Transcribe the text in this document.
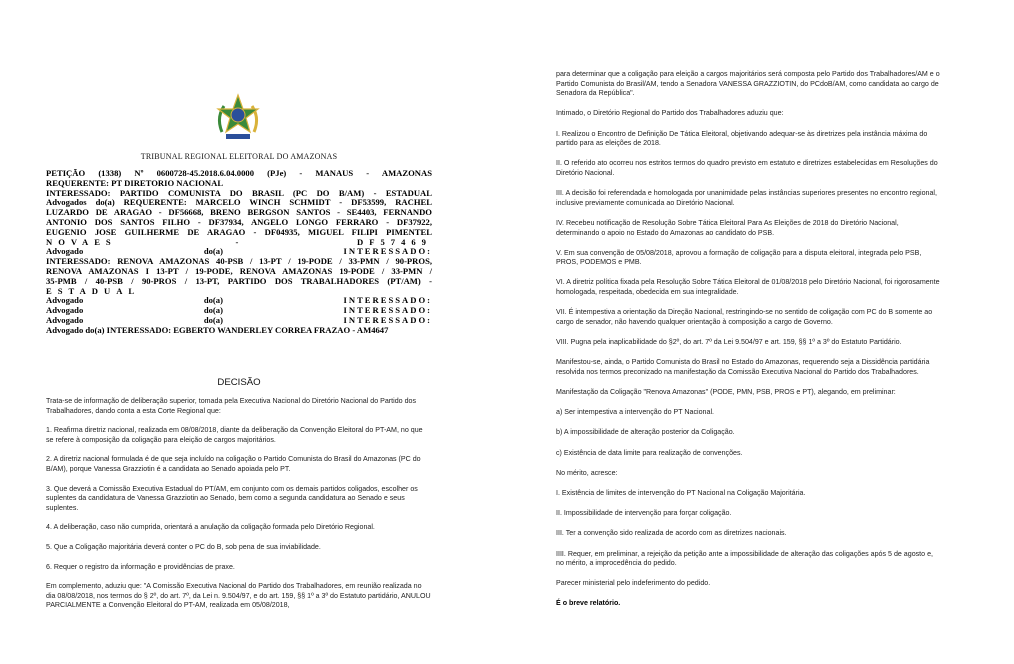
TRIBUNAL REGIONAL ELEITORAL DO AMAZONAS
PETIÇÃO (1338) Nº 0600728-45.2018.6.04.0000 (PJe) - MANAUS - AMAZONAS
REQUERENTE: PT DIRETORIO NACIONAL
INTERESSADO: PARTIDO COMUNISTA DO BRASIL (PC DO B/AM) - ESTADUAL
Advogados do(a) REQUERENTE: MARCELO WINCH SCHMIDT - DF53599, RACHEL
LUZARDO DE ARAGAO - DF56668, BRENO BERGSON SANTOS - SE4403, FERNANDO
ANTONIO DOS SANTOS FILHO - DF37934, ANGELO LONGO FERRARO - DF37922,
EUGENIO JOSE GUILHERME DE ARAGAO - DF04935, MIGUEL FILIPI PIMENTEL
NOVAES	-	DF57469
Advogado	do(a)	INTERESSADO:
INTERESSADO: RENOVA AMAZONAS 40-PSB / 13-PT / 19-PODE / 33-PMN / 90-PROS,
RENOVA AMAZONAS I 13-PT / 19-PODE, RENOVA AMAZONAS 19-PODE / 33-PMN /
35-PMB / 40-PSB / 90-PROS / 13-PT, PARTIDO DOS TRABALHADORES (PT/AM) -
ESTADUAL
Advogado	do(a)	INTERESSADO:
Advogado	do(a)	INTERESSADO:
Advogado	do(a)	INTERESSADO:
Advogado do(a) INTERESSADO: EGBERTO WANDERLEY CORREA FRAZAO - AM4647
DECISÃO

Trata-se de informação de deliberação superior, tomada pela Executiva Nacional do Diretório Nacional do Partido dos Trabalhadores, dando conta a esta Corte Regional que:

1. Reafirma diretriz nacional, realizada em 08/08/2018, diante da deliberação da Convenção Eleitoral do PT-AM, no que se refere à composição da coligação para eleição de cargos majoritários.

2. A diretriz nacional formulada é de que seja incluído na coligação o Partido Comunista do Brasil do Amazonas (PC do B/AM), porque Vanessa Grazziotin é a candidata ao Senado apoiada pelo PT.

3. Que deverá a Comissão Executiva Estadual do PT/AM, em conjunto com os demais partidos coligados, escolher os suplentes da candidatura de Vanessa Grazziotin ao Senado, bem como a segunda candidatura ao Senado e seus suplentes.

4. A deliberação, caso não cumprida, orientará a anulação da coligação formada pelo Diretório Regional.

5. Que a Coligação majoritária deverá conter o PC do B, sob pena de sua inviabilidade.

6. Requer o registro da informação e providências de praxe.

Em complemento, aduziu que: "A Comissão Executiva Nacional do Partido dos Trabalhadores, em reunião realizada no dia 08/08/2018, nos termos do § 2º, do art. 7º, da Lei n. 9.504/97, e do art. 159, §§ 1º a 3º do Estatuto partidário, ANULOU PARCIALMENTE a Convenção Eleitoral do PT-AM, realizada em 05/08/2018,

para determinar que a coligação para eleição a cargos majoritários será composta pelo Partido dos Trabalhadores/AM e o Partido Comunista do Brasil/AM, tendo a Senadora VANESSA GRAZZIOTIN, do PCdoB/AM, como candidata ao cargo de Senadora da República".

Intimado, o Diretório Regional do Partido dos Trabalhadores aduziu que:

I. Realizou o Encontro de Definição De Tática Eleitoral, objetivando adequar-se às diretrizes pela instância máxima do partido para as eleições de 2018.

II. O referido ato ocorreu nos estritos termos do quadro previsto em estatuto e diretrizes estabelecidas em Resoluções do Diretório Nacional.

III. A decisão foi referendada e homologada por unanimidade pelas instâncias superiores presentes no encontro regional, inclusive previamente comunicada ao Diretório Nacional.

IV. Recebeu notificação de Resolução Sobre Tática Eleitoral Para As Eleições de 2018 do Diretório Nacional, determinando o apoio no Estado do Amazonas ao candidato do PSB.

V. Em sua convenção de 05/08/2018, aprovou a formação de coligação para a disputa eleitoral, integrada pelo PSB, PROS, PODEMOS e PMB.

VI. A diretriz política fixada pela Resolução Sobre Tática Eleitoral de 01/08/2018 pelo Diretório Nacional, foi rigorosamente homologada, respeitada, obedecida em sua integralidade.

VII. É intempestiva a orientação da Direção Nacional, restringindo-se no sentido de coligação com PC do B somente ao cargo de senador, não havendo qualquer orientação à composição a cargo de Governo.

VIII. Pugna pela inaplicabilidade do §2º, do art. 7º da Lei 9.504/97 e art. 159, §§ 1º a 3º do Estatuto Partidário.

Manifestou-se, ainda, o Partido Comunista do Brasil no Estado do Amazonas, requerendo seja a Dissidência partidária resolvida nos termos preconizado na manifestação da Comissão Executiva Nacional do Partido dos Trabalhadores.

Manifestação da Coligação "Renova Amazonas" (PODE, PMN, PSB, PROS e PT), alegando, em preliminar:

a) Ser intempestiva a intervenção do PT Nacional.

b) A impossibilidade de alteração posterior da Coligação.

c) Existência de data limite para realização de convenções.

No mérito, acresce:

I. Existência de limites de intervenção do PT Nacional na Coligação Majoritária.

II. Impossibilidade de intervenção para forçar coligação.

III. Ter a convenção sido realizada de acordo com as diretrizes nacionais.

IIII. Requer, em preliminar, a rejeição da petição ante a impossibilidade de alteração das coligações após 5 de agosto e, no mérito, a improcedência do pedido.

Parecer ministerial pelo indeferimento do pedido.

É o breve relatório.
